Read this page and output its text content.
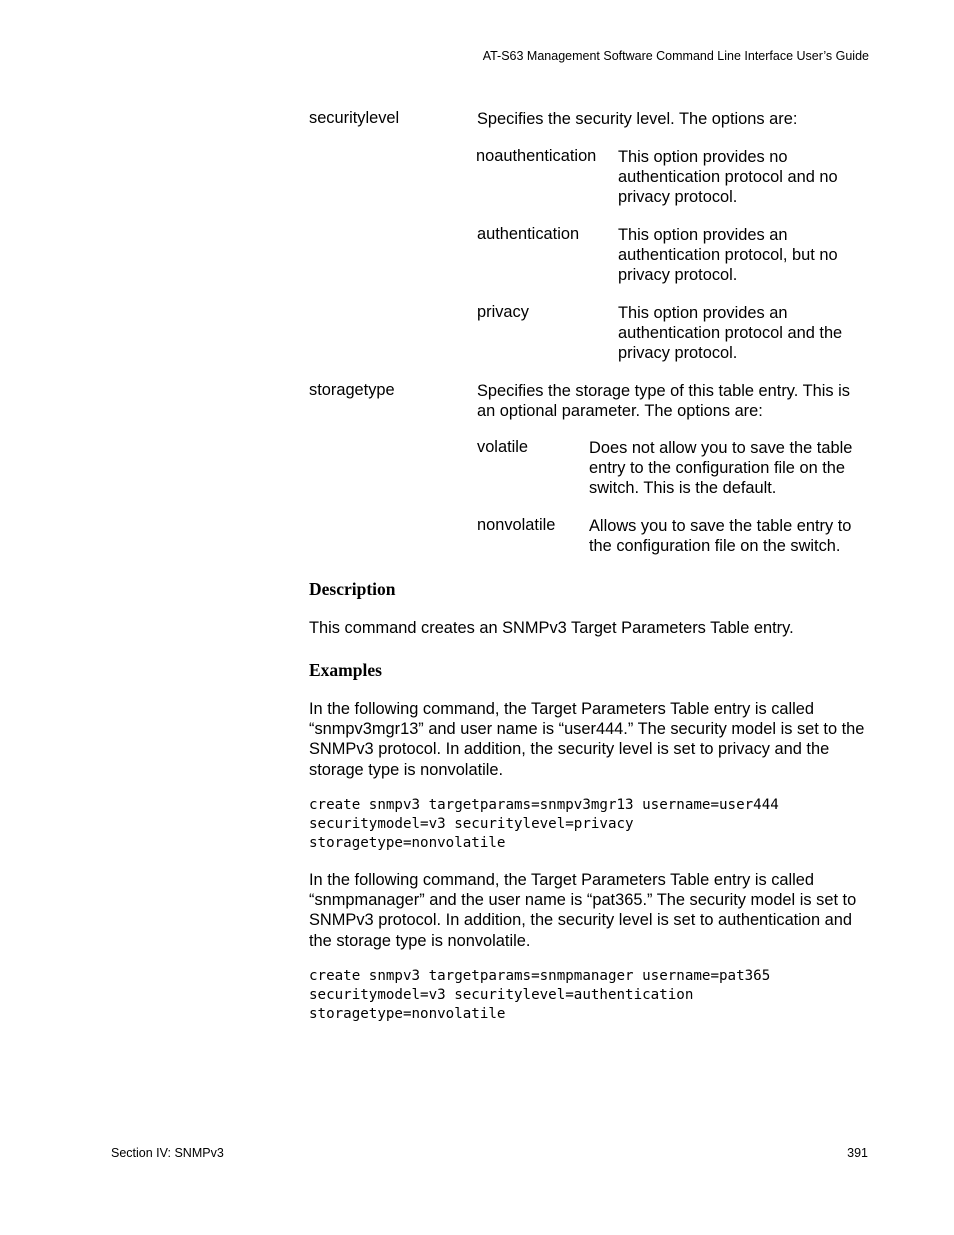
AT-S63 Management Software Command Line Interface User’s Guide
securitylevel	Specifies the security level. The options are:
noauthentication This option provides no authentication protocol and no privacy protocol.
authentication This option provides an authentication protocol, but no privacy protocol.
privacy	This option provides an authentication protocol and the privacy protocol.
storagetype	Specifies the storage type of this table entry. This is an optional parameter. The options are:
volatile	Does not allow you to save the table entry to the configuration file on the switch. This is the default.
nonvolatile Allows you to save the table entry to the configuration file on the switch.
Description
This command creates an SNMPv3 Target Parameters Table entry.
Examples
In the following command, the Target Parameters Table entry is called “snmpv3mgr13” and user name is “user444.” The security model is set to the SNMPv3 protocol. In addition, the security level is set to privacy and the storage type is nonvolatile.
create snmpv3 targetparams=snmpv3mgr13 username=user444
securitymodel=v3 securitylevel=privacy
storagetype=nonvolatile
In the following command, the Target Parameters Table entry is called “snmpmanager” and the user name is “pat365.” The security model is set to SNMPv3 protocol. In addition, the security level is set to authentication and the storage type is nonvolatile.
create snmpv3 targetparams=snmpmanager username=pat365
securitymodel=v3 securitylevel=authentication
storagetype=nonvolatile
Section IV: SNMPv3	391
